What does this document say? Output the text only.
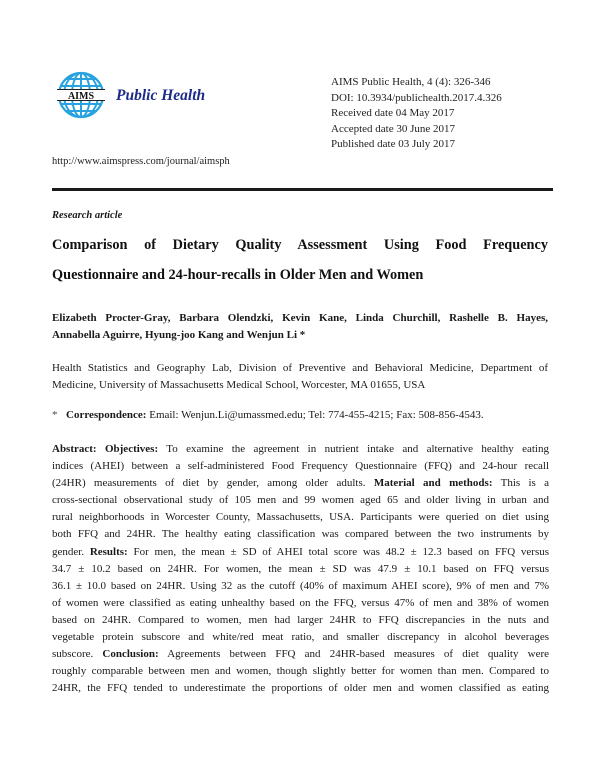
AIMS Public Health
AIMS Public Health, 4 (4): 326-346
DOI: 10.3934/publichealth.2017.4.326
Received date 04 May 2017
Accepted date 30 June 2017
Published date 03 July 2017
http://www.aimspress.com/journal/aimsph
Research article
Comparison of Dietary Quality Assessment Using Food Frequency
Questionnaire and 24-hour-recalls in Older Men and Women
Elizabeth Procter-Gray, Barbara Olendzki, Kevin Kane, Linda Churchill, Rashelle B. Hayes,
Annabella Aguirre, Hyung-joo Kang and Wenjun Li *
Health Statistics and Geography Lab, Division of Preventive and Behavioral Medicine, Department of
Medicine, University of Massachusetts Medical School, Worcester, MA 01655, USA
* Correspondence: Email: Wenjun.Li@umassmed.edu; Tel: 774-455-4215; Fax: 508-856-4543.
Abstract: Objectives: To examine the agreement in nutrient intake and alternative healthy eating
indices (AHEI) between a self-administered Food Frequency Questionnaire (FFQ) and 24-hour recall
(24HR) measurements of diet by gender, among older adults. Material and methods: This is a
cross-sectional observational study of 105 men and 99 women aged 65 and older living in urban and
rural neighborhoods in Worcester County, Massachusetts, USA. Participants were queried on diet using
both FFQ and 24HR. The healthy eating classification was compared between the two instruments by
gender. Results: For men, the mean ± SD of AHEI total score was 48.2 ± 12.3 based on FFQ versus
34.7 ± 10.2 based on 24HR. For women, the mean ± SD was 47.9 ± 10.1 based on FFQ versus
36.1 ± 10.0 based on 24HR. Using 32 as the cutoff (40% of maximum AHEI score), 9% of men and 7%
of women were classified as eating unhealthy based on the FFQ, versus 47% of men and 38% of women
based on 24HR. Compared to women, men had larger 24HR to FFQ discrepancies in the nuts and
vegetable protein subscore and white/red meat ratio, and smaller discrepancy in alcohol beverages
subscore. Conclusion: Agreements between FFQ and 24HR-based measures of diet quality were
roughly comparable between men and women, though slightly better for women than men. Compared to
24HR, the FFQ tended to underestimate the proportions of older men and women classified as eating
